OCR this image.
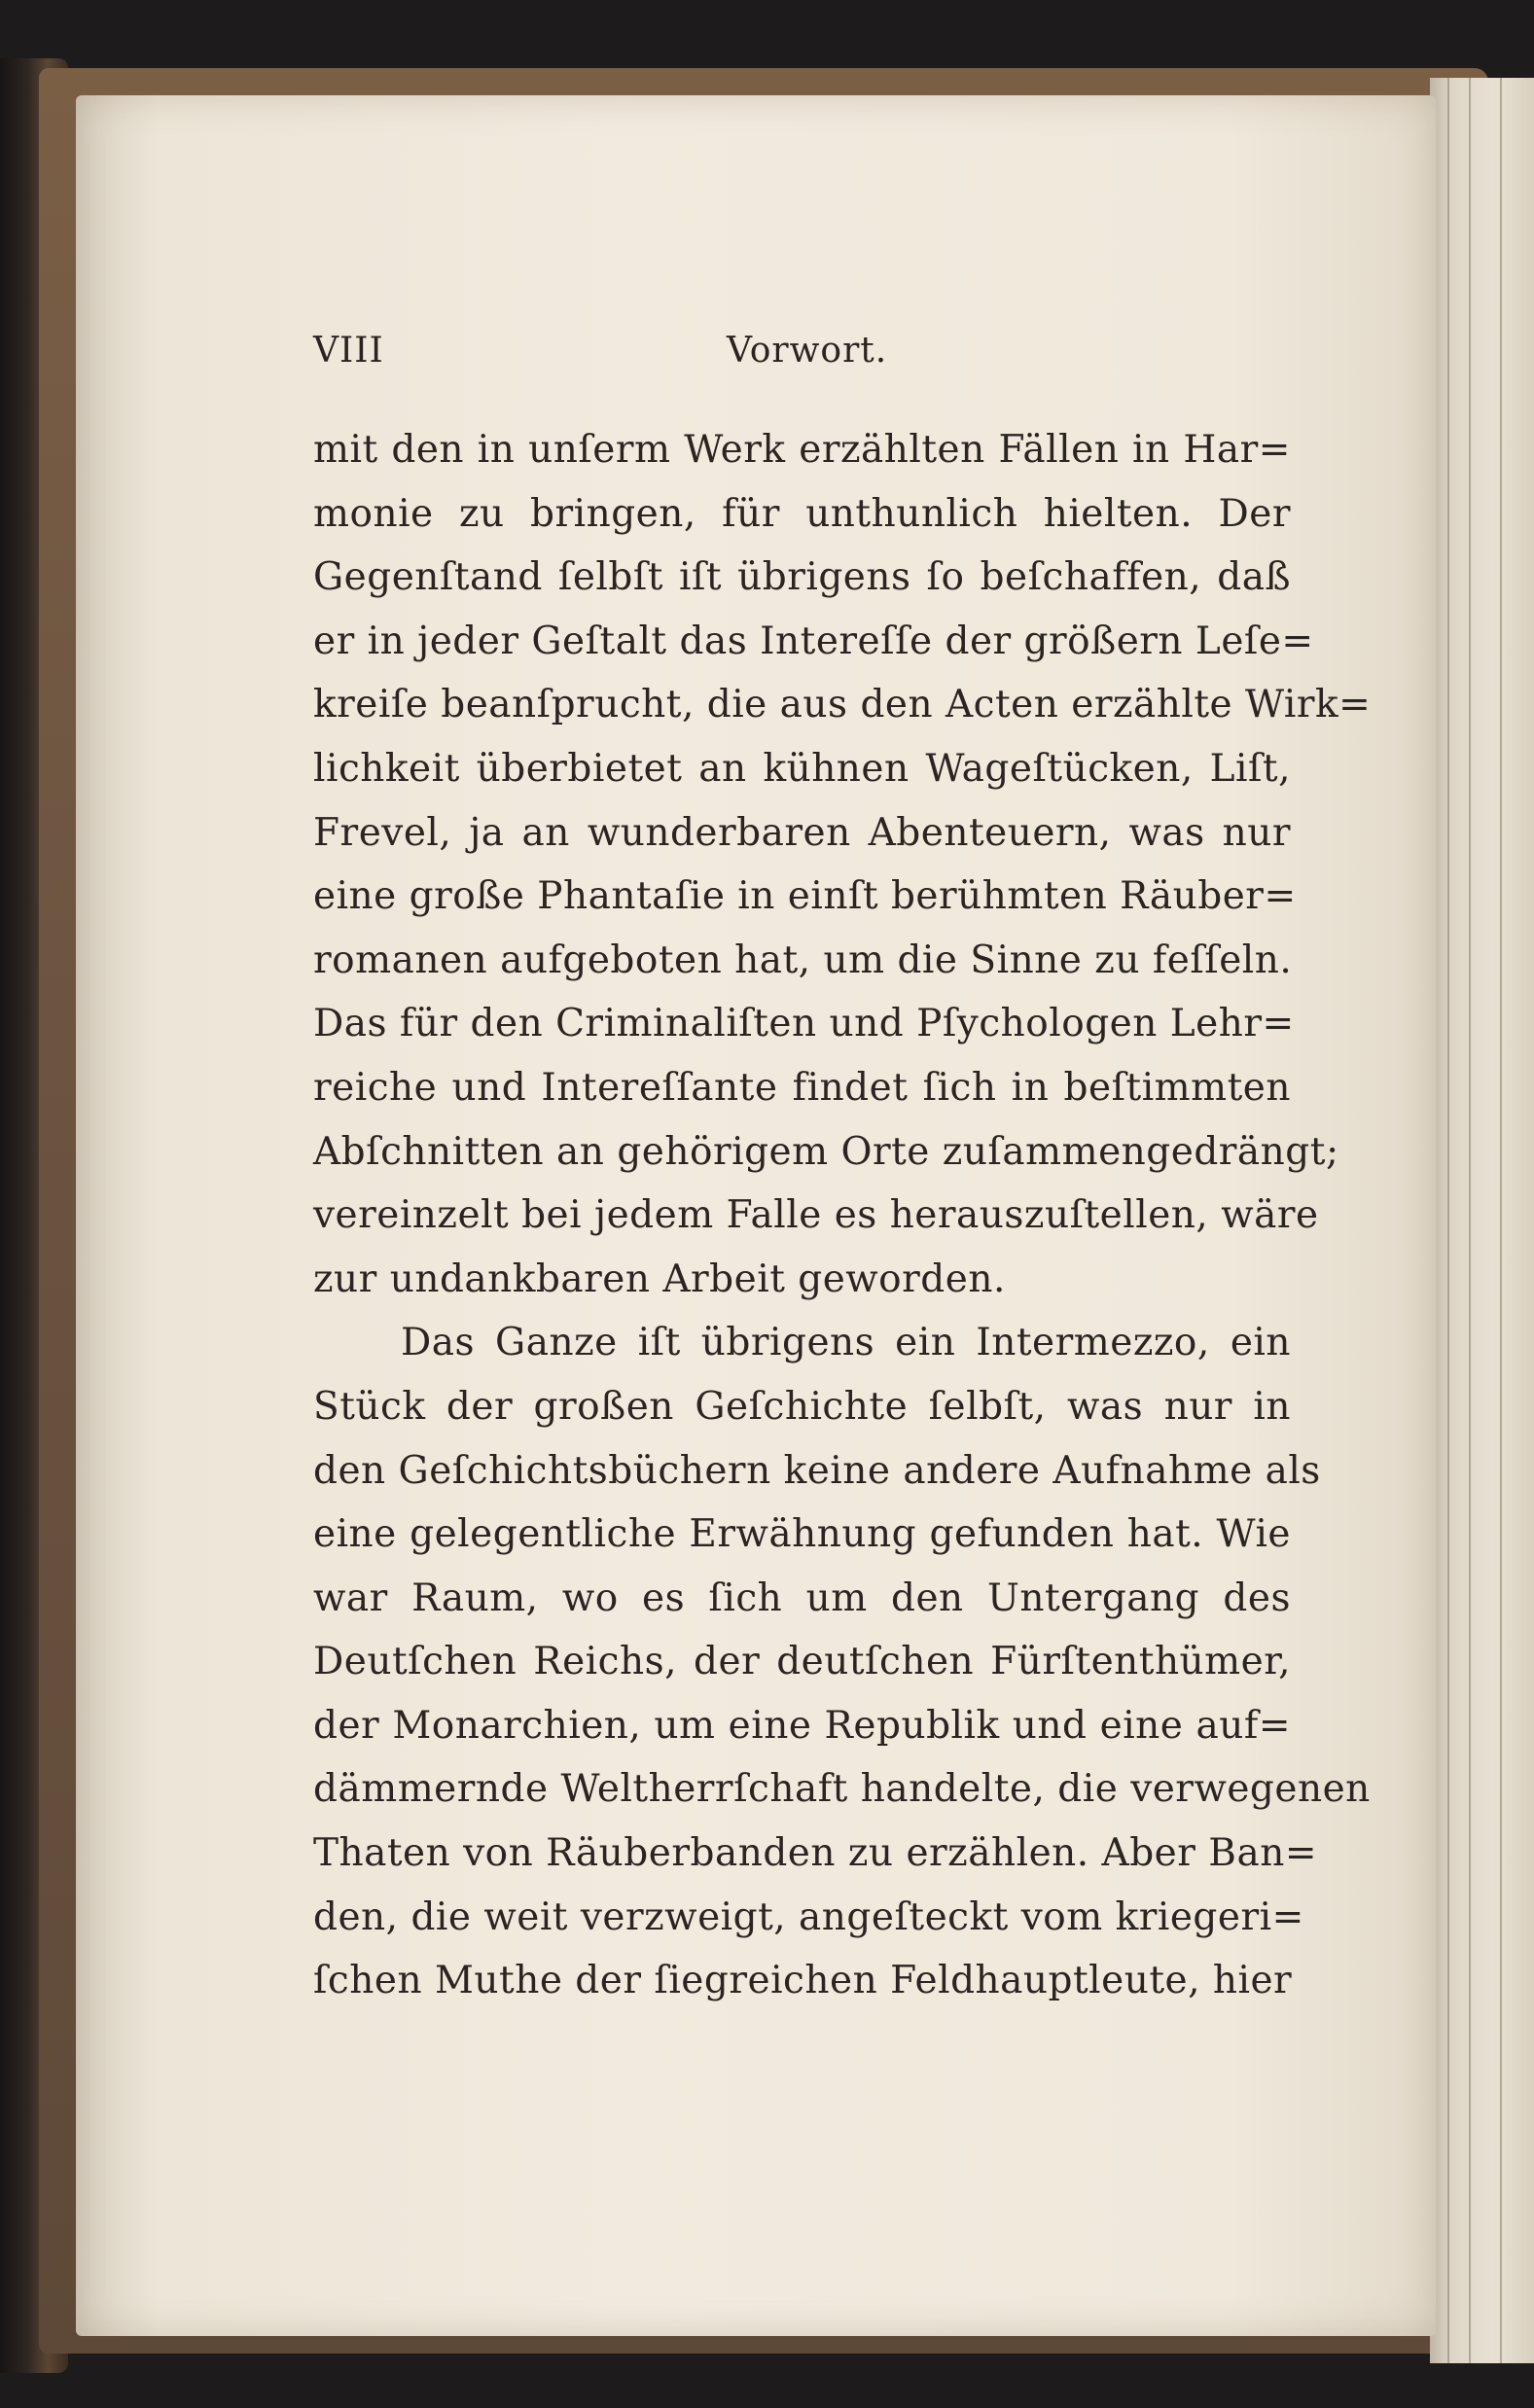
VIII	Vorwort.
mit den in unſerm Werk erzählten Fällen in Har=
monie zu bringen, für unthunlich hielten. Der
Gegenſtand ſelbſt iſt übrigens ſo beſchaffen, daß
er in jeder Geſtalt das Intereſſe der größern Leſe=
kreiſe beanſprucht, die aus den Acten erzählte Wirk=
lichkeit überbietet an kühnen Wageſtücken, Liſt,
Frevel, ja an wunderbaren Abenteuern, was nur
eine große Phantaſie in einſt berühmten Räuber=
romanen aufgeboten hat, um die Sinne zu feſſeln.
Das für den Criminaliſten und Pſychologen Lehr=
reiche und Intereſſante findet ſich in beſtimmten
Abſchnitten an gehörigem Orte zuſammengedrängt;
vereinzelt bei jedem Falle es herauszuſtellen, wäre
zur undankbaren Arbeit geworden.
Das Ganze iſt übrigens ein Intermezzo, ein
Stück der großen Geſchichte ſelbſt, was nur in
den Geſchichtsbüchern keine andere Aufnahme als
eine gelegentliche Erwähnung gefunden hat. Wie
war Raum, wo es ſich um den Untergang des
Deutſchen Reichs, der deutſchen Fürſtenthümer,
der Monarchien, um eine Republik und eine auf=
dämmernde Weltherrſchaft handelte, die verwegenen
Thaten von Räuberbanden zu erzählen. Aber Ban=
den, die weit verzweigt, angeſteckt vom kriegeri=
ſchen Muthe der ſiegreichen Feldhauptleute, hier
